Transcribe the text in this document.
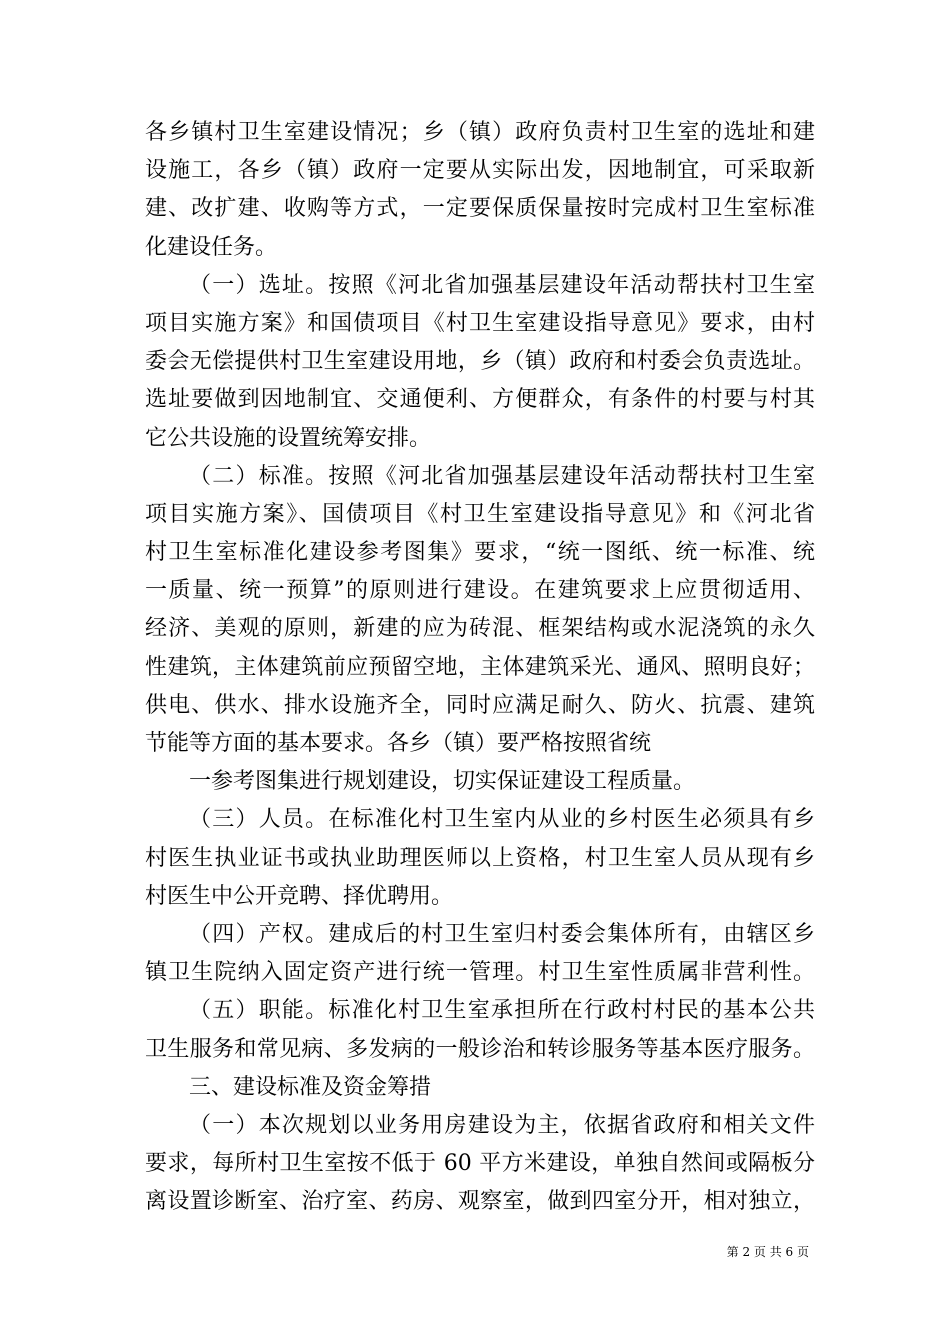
各乡镇村卫生室建设情况；乡（镇）政府负责村卫生室的选址和建
设施工，各乡（镇）政府一定要从实际出发，因地制宜，可采取新
建、改扩建、收购等方式，一定要保质保量按时完成村卫生室标准
化建设任务。
（一）选址。按照《河北省加强基层建设年活动帮扶村卫生室
项目实施方案》和国债项目《村卫生室建设指导意见》要求，由村
委会无偿提供村卫生室建设用地，乡（镇）政府和村委会负责选址。
选址要做到因地制宜、交通便利、方便群众，有条件的村要与村其
它公共设施的设置统筹安排。
（二）标准。按照《河北省加强基层建设年活动帮扶村卫生室
项目实施方案》、国债项目《村卫生室建设指导意见》和《河北省
村卫生室标准化建设参考图集》要求，“统一图纸、统一标准、统
一质量、统一预算”的原则进行建设。在建筑要求上应贯彻适用、
经济、美观的原则，新建的应为砖混、框架结构或水泥浇筑的永久
性建筑，主体建筑前应预留空地，主体建筑采光、通风、照明良好；
供电、供水、排水设施齐全，同时应满足耐久、防火、抗震、建筑
节能等方面的基本要求。各乡（镇）要严格按照省统
一参考图集进行规划建设，切实保证建设工程质量。
（三）人员。在标准化村卫生室内从业的乡村医生必须具有乡
村医生执业证书或执业助理医师以上资格，村卫生室人员从现有乡
村医生中公开竞聘、择优聘用。
（四）产权。建成后的村卫生室归村委会集体所有，由辖区乡
镇卫生院纳入固定资产进行统一管理。村卫生室性质属非营利性。
（五）职能。标准化村卫生室承担所在行政村村民的基本公共
卫生服务和常见病、多发病的一般诊治和转诊服务等基本医疗服务。
三、建设标准及资金筹措
（一）本次规划以业务用房建设为主，依据省政府和相关文件
要求，每所村卫生室按不低于 60 平方米建设，单独自然间或隔板分
离设置诊断室、治疗室、药房、观察室，做到四室分开，相对独立，
第 2 页 共 6 页
